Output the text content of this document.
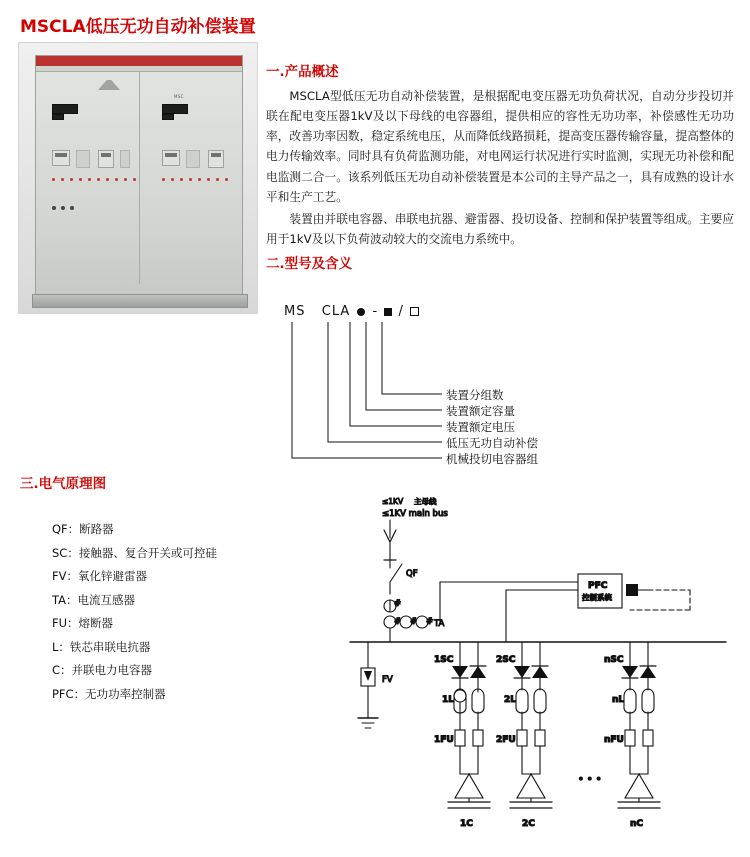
MSCLA低压无功自动补偿装置
MSC
一.产品概述

MSCLA型低压无功自动补偿装置，是根据配电变压器无功负荷状况，自动分步投切并联在配电变压器1kV及以下母线的电容器组，提供相应的容性无功功率，补偿感性无功功率，改善功率因数，稳定系统电压，从而降低线路损耗，提高变压器传输容量，提高整体的电力传输效率。同时具有负荷监测功能，对电网运行状况进行实时监测，实现无功补偿和配电监测二合一。该系列低压无功自动补偿装置是本公司的主导产品之一，具有成熟的设计水平和生产工艺。

装置由并联电容器、串联电抗器、避雷器、投切设备、控制和保护装置等组成。主要应用于1kV及以下负荷波动较大的交流电力系统中。

二.型号及含义
MS CLA - /
装置分组数
装置额定容量
装置额定电压
低压无功自动补偿
机械投切电容器组
三.电气原理图
QF：断路器
SC：接触器、复合开关或可控硅
FV：氧化锌避雷器
TA：电流互感器
FU：熔断器
L：铁芯串联电抗器
C：并联电力电容器
PFC：无功功率控制器
≤1KV 主母线
≤1KV main bus
QF
#
# # # TA
PFC
控制系统
FV
1SC
1L
1FU
1C
2SC
2L
2FU
2C
• • •
nSC
nL
nFU
nC
